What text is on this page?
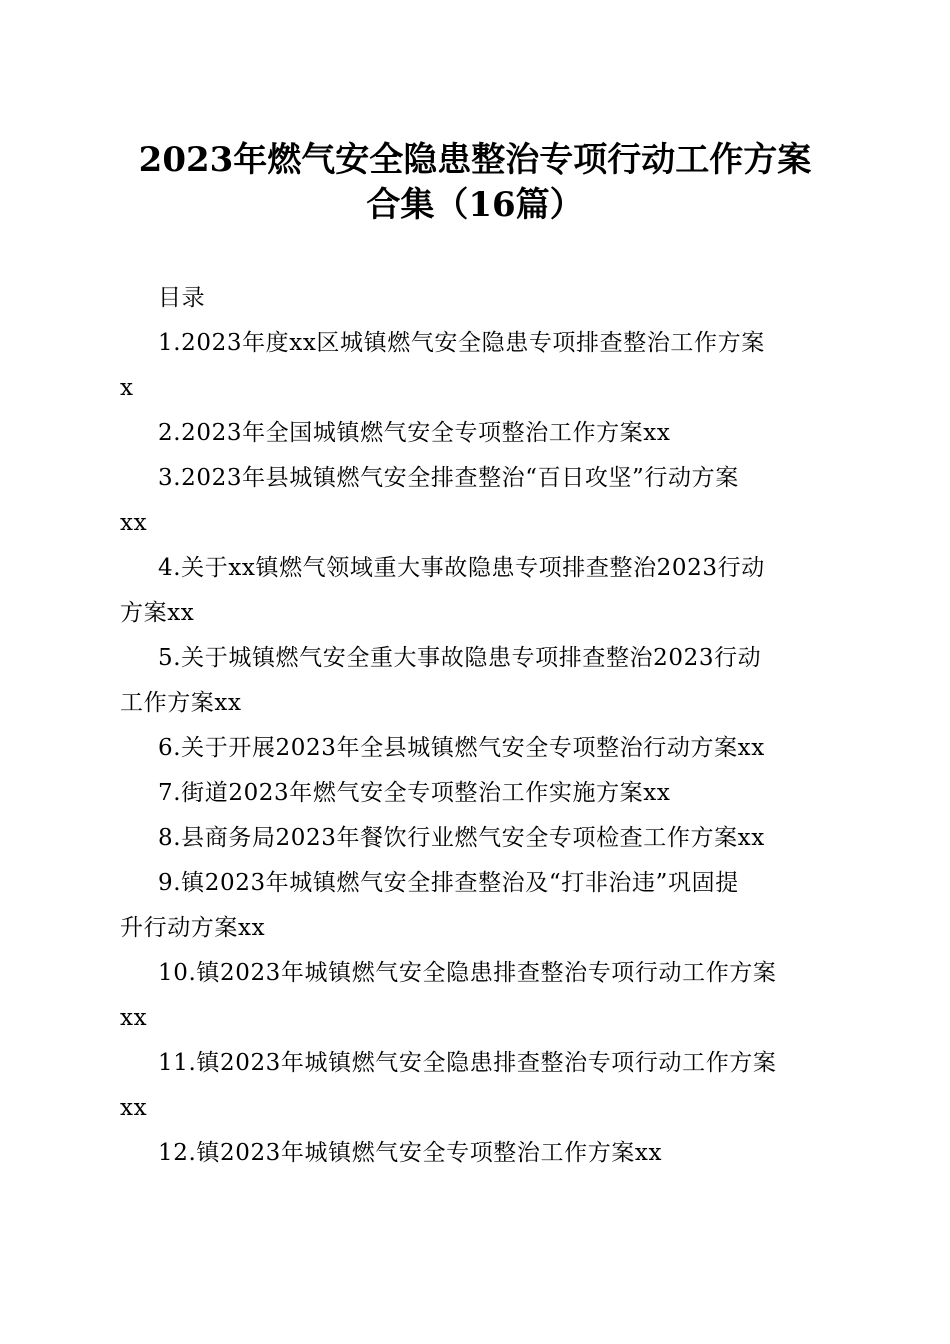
2023年燃气安全隐患整治专项行动工作方案
合集（16篇）
目录
1.2023年度xx区城镇燃气安全隐患专项排查整治工作方案
x
2.2023年全国城镇燃气安全专项整治工作方案xx
3.2023年县城镇燃气安全排查整治“百日攻坚”行动方案
xx
4.关于xx镇燃气领域重大事故隐患专项排查整治2023行动
方案xx
5.关于城镇燃气安全重大事故隐患专项排查整治2023行动
工作方案xx
6.关于开展2023年全县城镇燃气安全专项整治行动方案xx
7.街道2023年燃气安全专项整治工作实施方案xx
8.县商务局2023年餐饮行业燃气安全专项检查工作方案xx
9.镇2023年城镇燃气安全排查整治及“打非治违”巩固提
升行动方案xx
10.镇2023年城镇燃气安全隐患排查整治专项行动工作方案
xx
11.镇2023年城镇燃气安全隐患排查整治专项行动工作方案
xx
12.镇2023年城镇燃气安全专项整治工作方案xx
